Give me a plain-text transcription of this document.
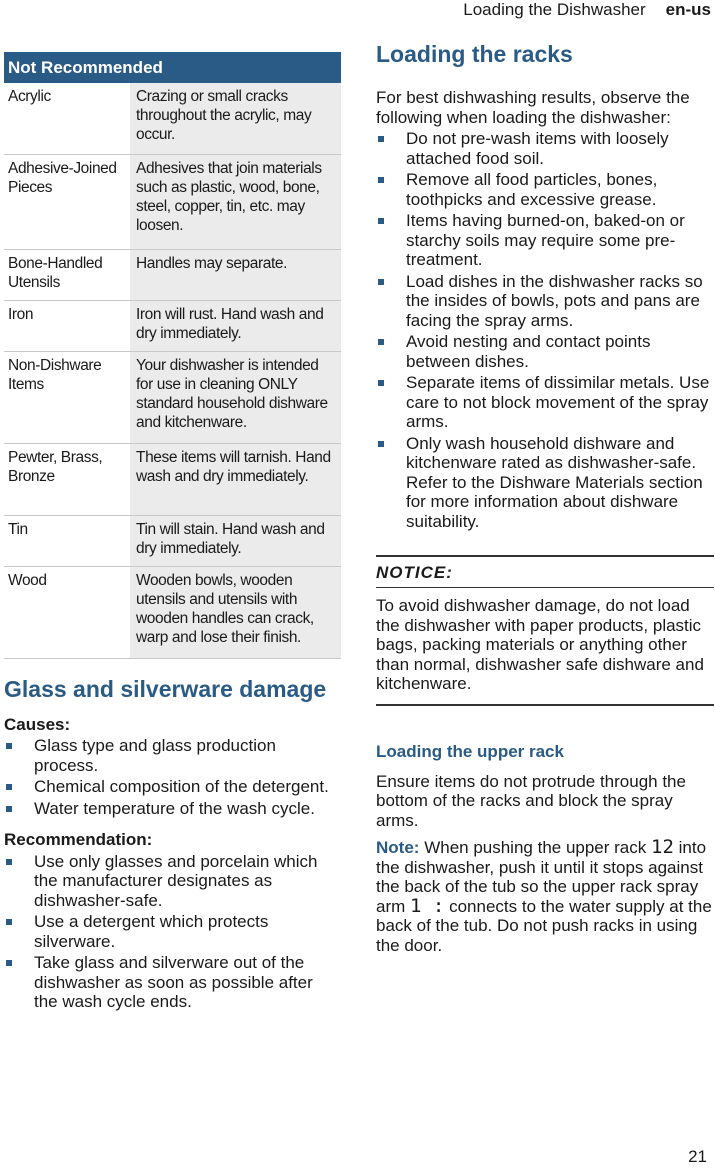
Loading the Dishwasher en-us
Not Recommended	
Acrylic	Crazing or small cracks throughout the acrylic, may occur.
Adhesive-Joined Pieces	Adhesives that join materials such as plastic, wood, bone, steel, copper, tin, etc. may loosen.
Bone-Handled Utensils	Handles may separate.
Iron	Iron will rust. Hand wash and dry immediately.
Non-Dishware Items	Your dishwasher is intended for use in cleaning ONLY standard household dishware and kitchenware.
Pewter, Brass, Bronze	These items will tarnish. Hand wash and dry immediately.
Tin	Tin will stain. Hand wash and dry immediately.
Wood	Wooden bowls, wooden utensils and utensils with wooden handles can crack, warp and lose their finish.
Glass and silverware damage

Causes:

Glass type and glass production process.
Chemical composition of the detergent.
Water temperature of the wash cycle.

Recommendation:

Use only glasses and porcelain which the manufacturer designates as dishwasher-safe.
Use a detergent which protects silverware.
Take glass and silverware out of the dishwasher as soon as possible after the wash cycle ends.
Loading the racks

For best dishwashing results, observe the following when loading the dishwasher:

Do not pre-wash items with loosely attached food soil.
Remove all food particles, bones, toothpicks and excessive grease.
Items having burned-on, baked-on or starchy soils may require some pre-treatment.
Load dishes in the dishwasher racks so the insides of bowls, pots and pans are facing the spray arms.
Avoid nesting and contact points between dishes.
Separate items of dissimilar metals. Use care to not block movement of the spray arms.
Only wash household dishware and kitchenware rated as dishwasher-safe.
Refer to the Dishware Materials section for more information about dishware suitability.
NOTICE:

To avoid dishwasher damage, do not load the dishwasher with paper products, plastic bags, packing materials or anything other than normal, dishwasher safe dishware and kitchenware.

Loading the upper rack

Ensure items do not protrude through the bottom of the racks and block the spray arms.

Note: When pushing the upper rack 12 into the dishwasher, push it until it stops against the back of the tub so the upper rack spray arm 1 : connects to the water supply at the back of the tub. Do not push racks in using the door.

21
